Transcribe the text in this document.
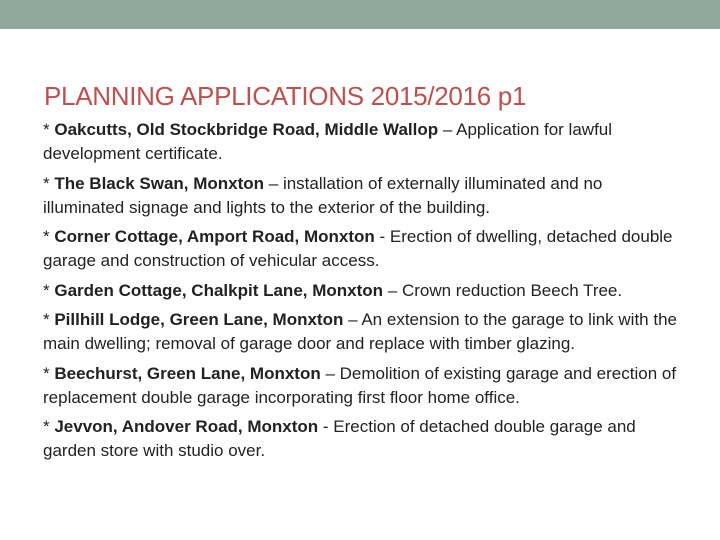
PLANNING APPLICATIONS 2015/2016 p1
* Oakcutts, Old Stockbridge Road, Middle Wallop – Application for lawful development certificate.
* The Black Swan, Monxton – installation of externally illuminated and no illuminated signage and lights to the exterior of the building.
* Corner Cottage, Amport Road, Monxton - Erection of dwelling, detached double garage and construction of vehicular access.
* Garden Cottage, Chalkpit Lane, Monxton – Crown reduction Beech Tree.
* Pillhill Lodge, Green Lane, Monxton – An extension to the garage to link with the main dwelling; removal of garage door and replace with timber glazing.
* Beechurst, Green Lane, Monxton – Demolition of existing garage and erection of replacement double garage incorporating first floor home office.
* Jevvon, Andover Road, Monxton - Erection of detached double garage and garden store with studio over.
